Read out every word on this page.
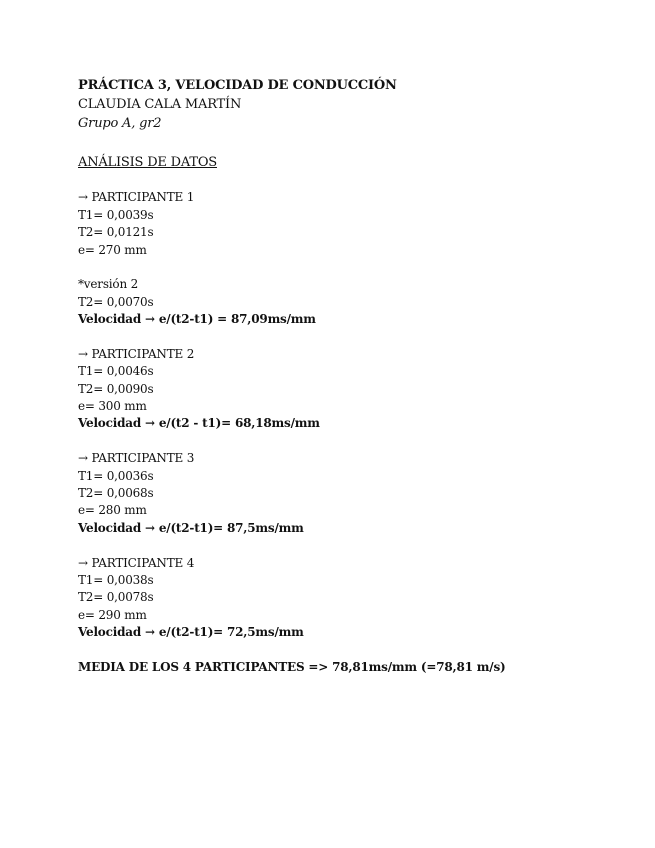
PRÁCTICA 3, VELOCIDAD DE CONDUCCIÓN
CLAUDIA CALA MARTÍN
Grupo A, gr2
ANÁLISIS DE DATOS
→ PARTICIPANTE 1
T1= 0,0039s
T2= 0,0121s
e= 270 mm
*versión 2
T2= 0,0070s
Velocidad → e/(t2-t1) = 87,09ms/mm
→ PARTICIPANTE 2
T1= 0,0046s
T2= 0,0090s
e= 300 mm
Velocidad → e/(t2 - t1)= 68,18ms/mm
→ PARTICIPANTE 3
T1= 0,0036s
T2= 0,0068s
e= 280 mm
Velocidad → e/(t2-t1)= 87,5ms/mm
→ PARTICIPANTE 4
T1= 0,0038s
T2= 0,0078s
e= 290 mm
Velocidad → e/(t2-t1)= 72,5ms/mm
MEDIA DE LOS 4 PARTICIPANTES => 78,81ms/mm (=78,81 m/s)
